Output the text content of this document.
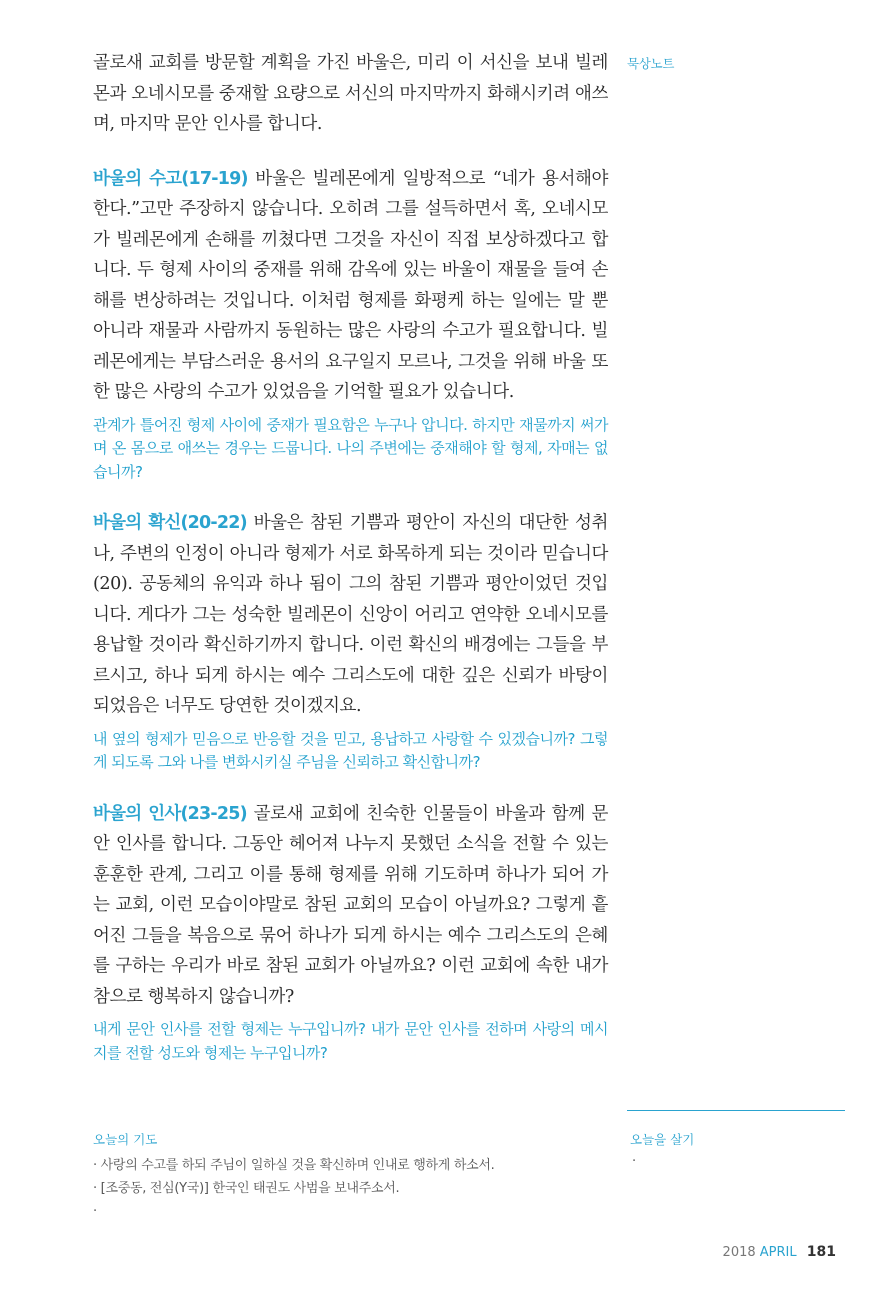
골로새 교회를 방문할 계획을 가진 바울은, 미리 이 서신을 보내 빌레몬과 오네시모를 중재할 요량으로 서신의 마지막까지 화해시키려 애쓰며, 마지막 문안 인사를 합니다.

바울의 수고(17-19) 바울은 빌레몬에게 일방적으로 “네가 용서해야 한다.”고만 주장하지 않습니다. 오히려 그를 설득하면서 혹, 오네시모가 빌레몬에게 손해를 끼쳤다면 그것을 자신이 직접 보상하겠다고 합니다. 두 형제 사이의 중재를 위해 감옥에 있는 바울이 재물을 들여 손해를 변상하려는 것입니다. 이처럼 형제를 화평케 하는 일에는 말 뿐 아니라 재물과 사람까지 동원하는 많은 사랑의 수고가 필요합니다. 빌레몬에게는 부담스러운 용서의 요구일지 모르나, 그것을 위해 바울 또한 많은 사랑의 수고가 있었음을 기억할 필요가 있습니다.

관계가 틀어진 형제 사이에 중재가 필요함은 누구나 압니다. 하지만 재물까지 써가며 온 몸으로 애쓰는 경우는 드뭅니다. 나의 주변에는 중재해야 할 형제, 자매는 없습니까?

바울의 확신(20-22) 바울은 참된 기쁨과 평안이 자신의 대단한 성취나, 주변의 인정이 아니라 형제가 서로 화목하게 되는 것이라 믿습니다(20). 공동체의 유익과 하나 됨이 그의 참된 기쁨과 평안이었던 것입니다. 게다가 그는 성숙한 빌레몬이 신앙이 어리고 연약한 오네시모를 용납할 것이라 확신하기까지 합니다. 이런 확신의 배경에는 그들을 부르시고, 하나 되게 하시는 예수 그리스도에 대한 깊은 신뢰가 바탕이 되었음은 너무도 당연한 것이겠지요.

내 옆의 형제가 믿음으로 반응할 것을 믿고, 용납하고 사랑할 수 있겠습니까? 그렇게 되도록 그와 나를 변화시키실 주님을 신뢰하고 확신합니까?

바울의 인사(23-25) 골로새 교회에 친숙한 인물들이 바울과 함께 문안 인사를 합니다. 그동안 헤어져 나누지 못했던 소식을 전할 수 있는 훈훈한 관계, 그리고 이를 통해 형제를 위해 기도하며 하나가 되어 가는 교회, 이런 모습이야말로 참된 교회의 모습이 아닐까요? 그렇게 흩어진 그들을 복음으로 묶어 하나가 되게 하시는 예수 그리스도의 은혜를 구하는 우리가 바로 참된 교회가 아닐까요? 이런 교회에 속한 내가 참으로 행복하지 않습니까?

내게 문안 인사를 전할 형제는 누구입니까? 내가 문안 인사를 전하며 사랑의 메시지를 전할 성도와 형제는 누구입니까?

묵상노트
오늘의 기도
· 사랑의 수고를 하되 주님이 일하실 것을 확신하며 인내로 행하게 하소서.
· [조중동, 전심(Y국)] 한국인 태권도 사범을 보내주소서.
·
오늘을 살기
·
2018 APRIL 181
